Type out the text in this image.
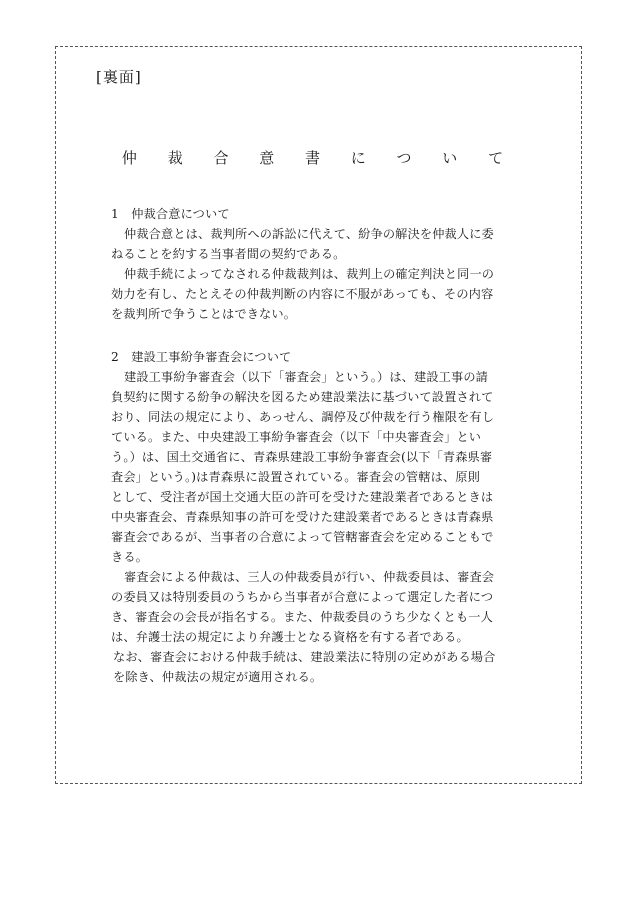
[裏面]
仲 裁 合 意 書 に つ い て
1　仲裁合意について
仲裁合意とは、裁判所への訴訟に代えて、紛争の解決を仲裁人に委
ねることを約する当事者間の契約である。
仲裁手続によってなされる仲裁裁判は、裁判上の確定判決と同一の
効力を有し、たとえその仲裁判断の内容に不服があっても、その内容
を裁判所で争うことはできない。
2　建設工事紛争審査会について
建設工事紛争審査会（以下「審査会」という。）は、建設工事の請
負契約に関する紛争の解決を図るため建設業法に基づいて設置されて
おり、同法の規定により、あっせん、調停及び仲裁を行う権限を有し
ている。また、中央建設工事紛争審査会（以下「中央審査会」とい
う。）は、国土交通省に、青森県建設工事紛争審査会(以下「青森県審
査会」という。)は青森県に設置されている。審査会の管轄は、原則
として、受注者が国土交通大臣の許可を受けた建設業者であるときは
中央審査会、青森県知事の許可を受けた建設業者であるときは青森県
審査会であるが、当事者の合意によって管轄審査会を定めることもで
きる。
審査会による仲裁は、三人の仲裁委員が行い、仲裁委員は、審査会
の委員又は特別委員のうちから当事者が合意によって選定した者につ
き、審査会の会長が指名する。また、仲裁委員のうち少なくとも一人
は、弁護士法の規定により弁護士となる資格を有する者である。
なお、審査会における仲裁手続は、建設業法に特別の定めがある場合
を除き、仲裁法の規定が適用される。
